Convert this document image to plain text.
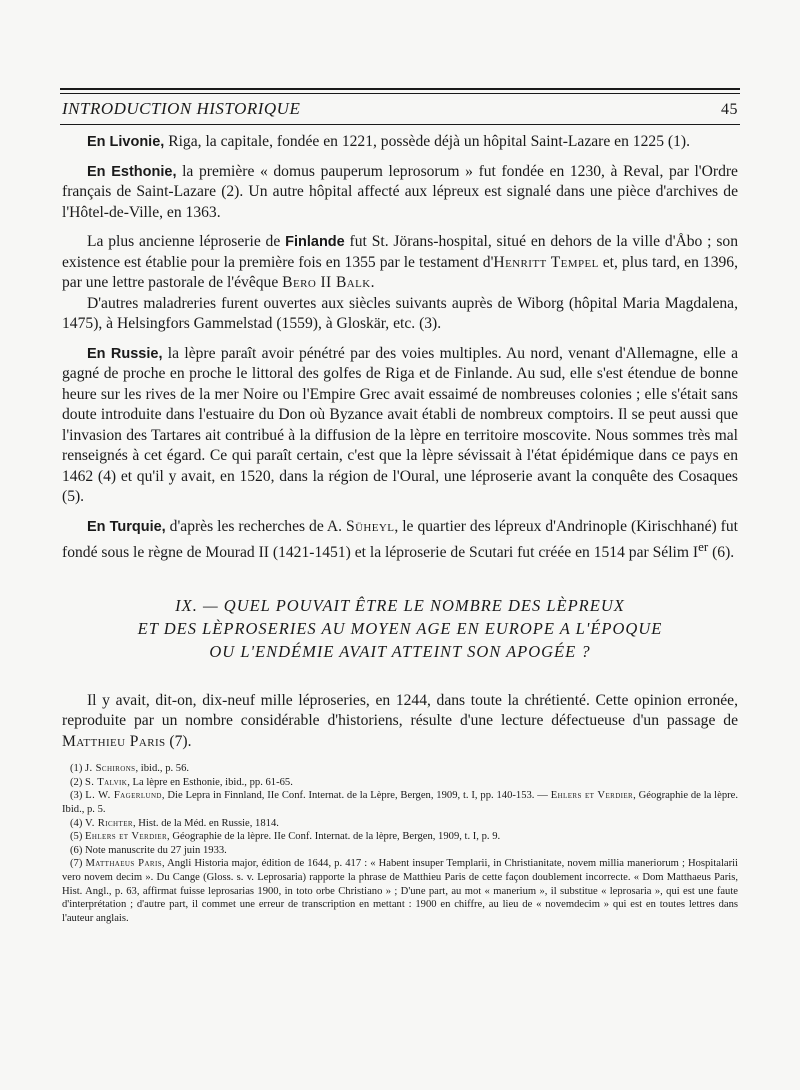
INTRODUCTION HISTORIQUE	45

En Livonie, Riga, la capitale, fondée en 1221, possède déjà un hôpital Saint-Lazare en 1225 (1).

En Esthonie, la première « domus pauperum leprosorum » fut fondée en 1230, à Reval, par l'Ordre français de Saint-Lazare (2). Un autre hôpital affecté aux lépreux est signalé dans une pièce d'archives de l'Hôtel-de-Ville, en 1363.

La plus ancienne léproserie de Finlande fut St. Jörans-hospital, situé en dehors de la ville d'Åbo ; son existence est établie pour la première fois en 1355 par le testament d'Henritt Tempel et, plus tard, en 1396, par une lettre pastorale de l'évêque Bero II Balk.

D'autres maladreries furent ouvertes aux siècles suivants auprès de Wiborg (hôpital Maria Magdalena, 1475), à Helsingfors Gammelstad (1559), à Gloskär, etc. (3).

En Russie, la lèpre paraît avoir pénétré par des voies multiples. Au nord, venant d'Allemagne, elle a gagné de proche en proche le littoral des golfes de Riga et de Finlande. Au sud, elle s'est étendue de bonne heure sur les rives de la mer Noire ou l'Empire Grec avait essaimé de nombreuses colonies ; elle s'était sans doute introduite dans l'estuaire du Don où Byzance avait établi de nombreux comptoirs. Il se peut aussi que l'invasion des Tartares ait contribué à la diffusion de la lèpre en territoire moscovite. Nous sommes très mal renseignés à cet égard. Ce qui paraît certain, c'est que la lèpre sévissait à l'état épidémique dans ce pays en 1462 (4) et qu'il y avait, en 1520, dans la région de l'Oural, une léproserie avant la conquête des Cosaques (5).

En Turquie, d'après les recherches de A. Süheyl, le quartier des lépreux d'Andrinople (Kirischhané) fut fondé sous le règne de Mourad II (1421-1451) et la léproserie de Scutari fut créée en 1514 par Sélim Ier (6).

IX. — QUEL POUVAIT ÊTRE LE NOMBRE DES LÈPREUX
ET DES LÈPROSERIES AU MOYEN AGE EN EUROPE A L'ÉPOQUE
OU L'ENDÉMIE AVAIT ATTEINT SON APOGÉE ?

Il y avait, dit-on, dix-neuf mille léproseries, en 1244, dans toute la chrétienté. Cette opinion erronée, reproduite par un nombre considérable d'historiens, résulte d'une lecture défectueuse d'un passage de Matthieu Paris (7).

(1) J. Schirons, ibid., p. 56.
(2) S. Talvik, La lèpre en Esthonie, ibid., pp. 61-65.
(3) L. W. Fagerlund, Die Lepra in Finnland, IIe Conf. Internat. de la Lèpre, Bergen, 1909, t. I, pp. 140-153. — Ehlers et Verdier, Géographie de la lèpre. Ibid., p. 5.
(4) V. Richter, Hist. de la Méd. en Russie, 1814.
(5) Ehlers et Verdier, Géographie de la lèpre. IIe Conf. Internat. de la lèpre, Bergen, 1909, t. I, p. 9.
(6) Note manuscrite du 27 juin 1933.
(7) Matthaeus Paris, Angli Historia major, édition de 1644, p. 417 : « Habent insuper Templarii, in Christianitate, novem millia maneriorum ; Hospitalarii vero novem decim ». Du Cange (Gloss. s. v. Leprosaria) rapporte la phrase de Matthieu Paris de cette façon doublement incorrecte. « Dom Matthaeus Paris, Hist. Angl., p. 63, affirmat fuisse leprosarias 1900, in toto orbe Christiano » ; D'une part, au mot « manerium », il substitue « leprosaria », qui est une faute d'interprétation ; d'autre part, il commet une erreur de transcription en mettant : 1900 en chiffre, au lieu de « novemdecim » qui est en toutes lettres dans l'auteur anglais.
